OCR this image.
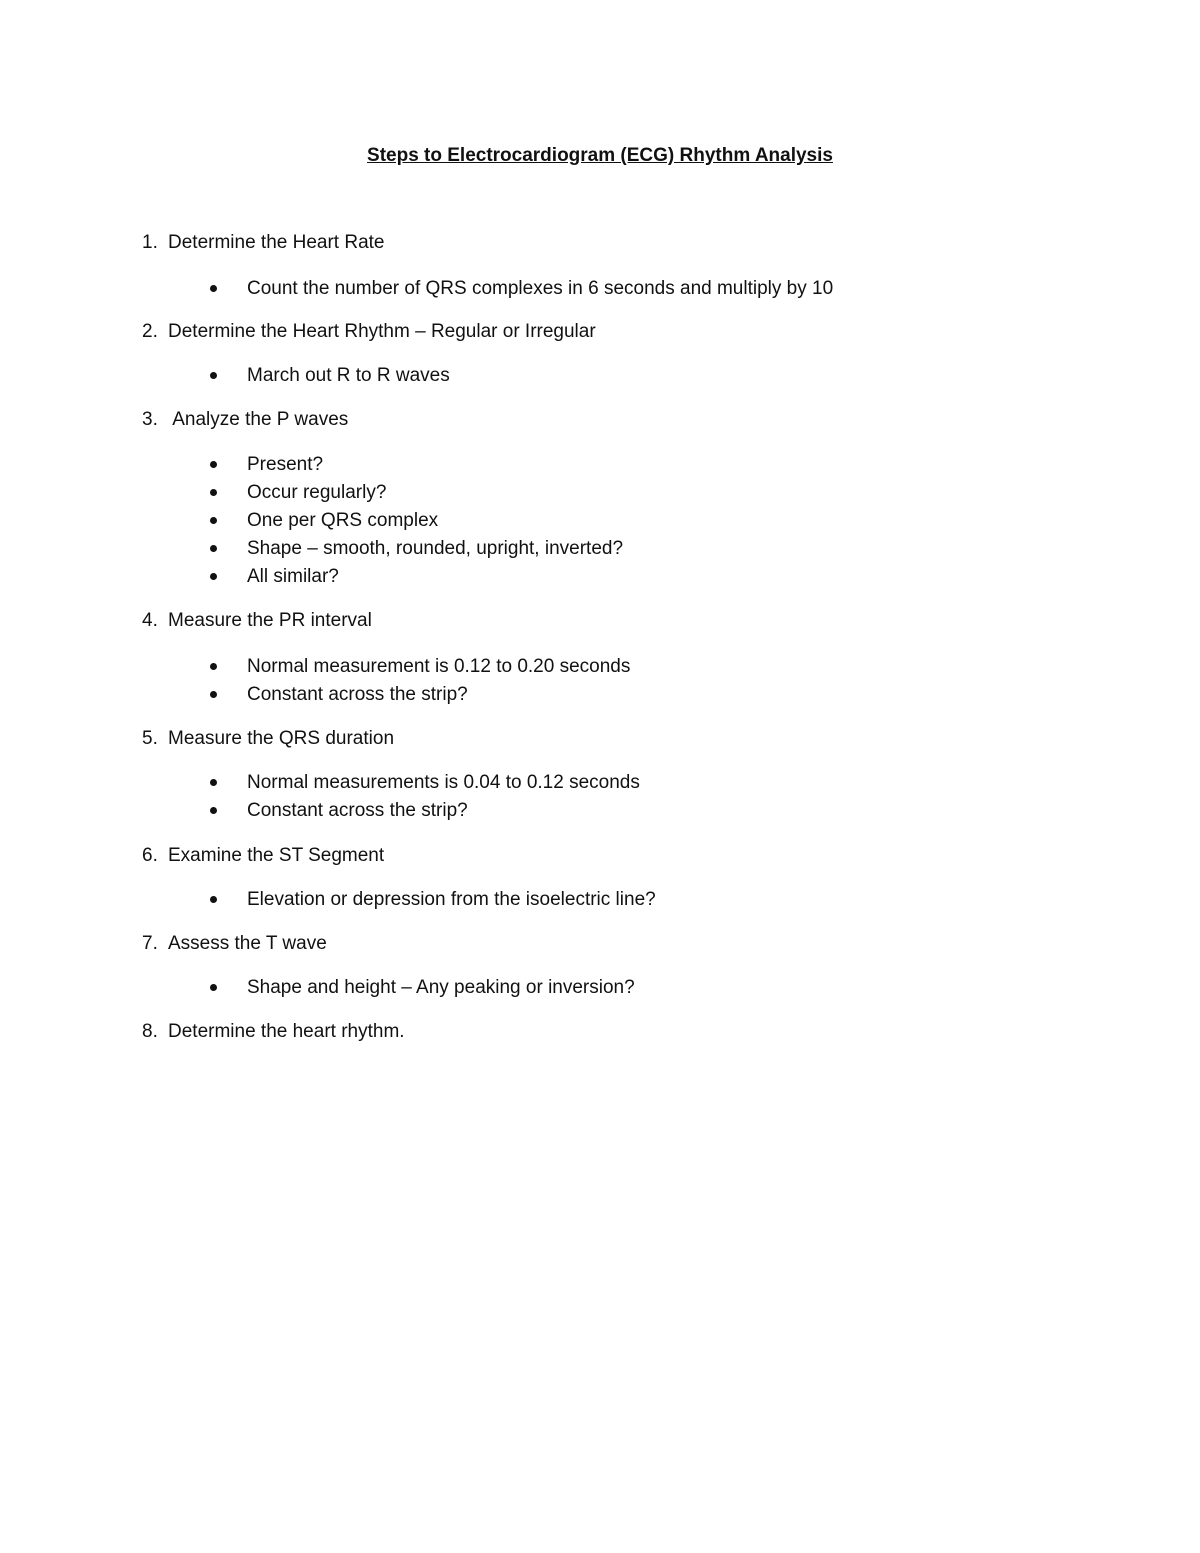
Steps to Electrocardiogram (ECG) Rhythm Analysis
1. Determine the Heart Rate
Count the number of QRS complexes in 6 seconds and multiply by 10
2. Determine the Heart Rhythm – Regular or Irregular
March out R to R waves
3. Analyze the P waves
Present?
Occur regularly?
One per QRS complex
Shape – smooth, rounded, upright, inverted?
All similar?
4. Measure the PR interval
Normal measurement is 0.12 to 0.20 seconds
Constant across the strip?
5. Measure the QRS duration
Normal measurements is 0.04 to 0.12 seconds
Constant across the strip?
6. Examine the ST Segment
Elevation or depression from the isoelectric line?
7. Assess the T wave
Shape and height – Any peaking or inversion?
8. Determine the heart rhythm.
